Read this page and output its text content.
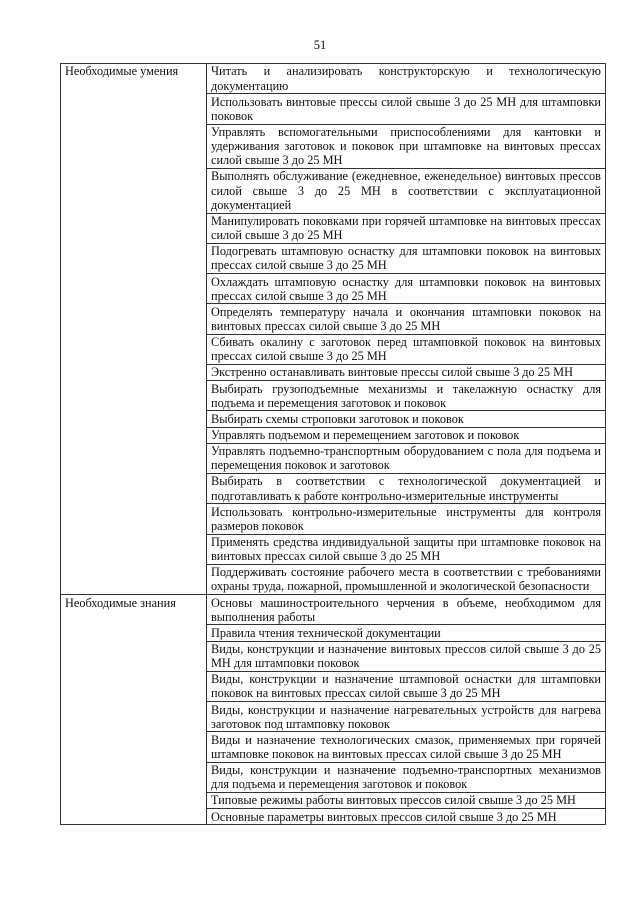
51
Необходимые умения	Читать и анализировать конструкторскую и технологическую документацию
	Использовать винтовые прессы силой свыше 3 до 25 МН для штамповки поковок
	Управлять вспомогательными приспособлениями для кантовки и удерживания заготовок и поковок при штамповке на винтовых прессах силой свыше 3 до 25 МН
	Выполнять обслуживание (ежедневное, еженедельное) винтовых прессов силой свыше 3 до 25 МН в соответствии с эксплуатационной документацией
	Манипулировать поковками при горячей штамповке на винтовых прессах силой свыше 3 до 25 МН
	Подогревать штамповую оснастку для штамповки поковок на винтовых прессах силой свыше 3 до 25 МН
	Охлаждать штамповую оснастку для штамповки поковок на винтовых прессах силой свыше 3 до 25 МН
	Определять температуру начала и окончания штамповки поковок на винтовых прессах силой свыше 3 до 25 МН
	Сбивать окалину с заготовок перед штамповкой поковок на винтовых прессах силой свыше 3 до 25 МН
	Экстренно останавливать винтовые прессы силой свыше 3 до 25 МН
	Выбирать грузоподъемные механизмы и такелажную оснастку для подъема и перемещения заготовок и поковок
	Выбирать схемы строповки заготовок и поковок
	Управлять подъемом и перемещением заготовок и поковок
	Управлять подъемно-транспортным оборудованием с пола для подъема и перемещения поковок и заготовок
	Выбирать в соответствии с технологической документацией и подготавливать к работе контрольно-измерительные инструменты
	Использовать контрольно-измерительные инструменты для контроля размеров поковок
	Применять средства индивидуальной защиты при штамповке поковок на винтовых прессах силой свыше 3 до 25 МН
	Поддерживать состояние рабочего места в соответствии с требованиями охраны труда, пожарной, промышленной и экологической безопасности
Необходимые знания	Основы машиностроительного черчения в объеме, необходимом для выполнения работы
	Правила чтения технической документации
	Виды, конструкции и назначение винтовых прессов силой свыше 3 до 25 МН для штамповки поковок
	Виды, конструкции и назначение штамповой оснастки для штамповки поковок на винтовых прессах силой свыше 3 до 25 МН
	Виды, конструкции и назначение нагревательных устройств для нагрева заготовок под штамповку поковок
	Виды и назначение технологических смазок, применяемых при горячей штамповке поковок на винтовых прессах силой свыше 3 до 25 МН
	Виды, конструкции и назначение подъемно-транспортных механизмов для подъема и перемещения заготовок и поковок
	Типовые режимы работы винтовых прессов силой свыше 3 до 25 МН
	Основные параметры винтовых прессов силой свыше 3 до 25 МН
